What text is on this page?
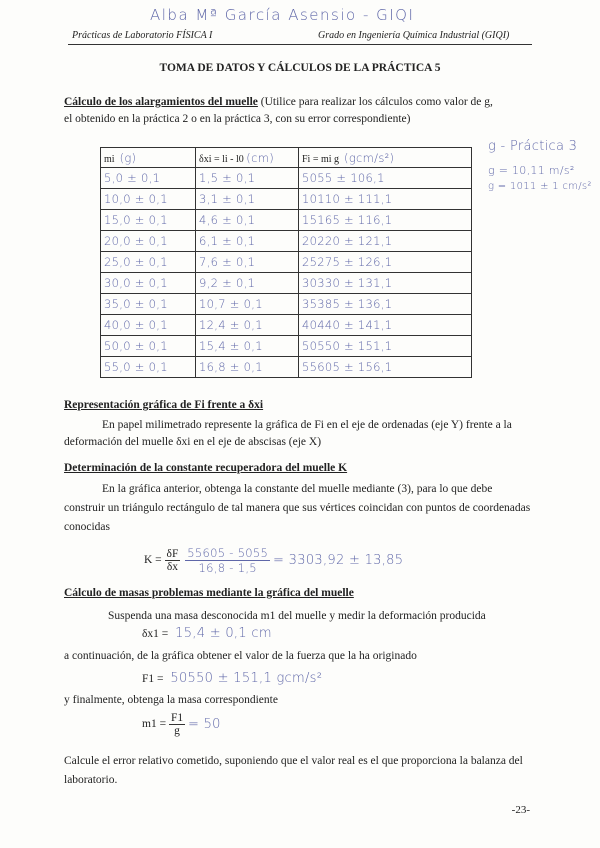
Alba Mª García Asensio - GIQI
Prácticas de Laboratorio FÍSICA I	Grado en Ingeniería Química Industrial (GIQI)
TOMA DE DATOS Y CÁLCULOS DE LA PRÁCTICA 5
Cálculo de los alargamientos del muelle (Utilice para realizar los cálculos como valor de g,
el obtenido en la práctica 2 o en la práctica 3, con su error correspondiente)
mi (g)	δxi = li - l0 (cm)	Fi = mi g (gcm/s²)
5,0 ± 0,1	1,5 ± 0,1	5055 ± 106,1
10,0 ± 0,1	3,1 ± 0,1	10110 ± 111,1
15,0 ± 0,1	4,6 ± 0,1	15165 ± 116,1
20,0 ± 0,1	6,1 ± 0,1	20220 ± 121,1
25,0 ± 0,1	7,6 ± 0,1	25275 ± 126,1
30,0 ± 0,1	9,2 ± 0,1	30330 ± 131,1
35,0 ± 0,1	10,7 ± 0,1	35385 ± 136,1
40,0 ± 0,1	12,4 ± 0,1	40440 ± 141,1
50,0 ± 0,1	15,4 ± 0,1	50550 ± 151,1
55,0 ± 0,1	16,8 ± 0,1	55605 ± 156,1
g - Práctica 3
g = 10,11 m/s²
g = 1011 ± 1 cm/s²
Representación gráfica de Fi frente a δxi
En papel milimetrado represente la gráfica de Fi en el eje de ordenadas (eje Y) frente a la deformación del muelle δxi en el eje de abscisas (eje X)
Determinación de la constante recuperadora del muelle K
En la gráfica anterior, obtenga la constante del muelle mediante (3), para lo que debe construir un triángulo rectángulo de tal manera que sus vértices coincidan con puntos de coordenadas conocidas
$K = \frac{\delta F}{\delta x}$
$\frac{55605 - 5055}{16,8 - 1,5} = 3303,92 \pm 13,85$
Cálculo de masas problemas mediante la gráfica del muelle
Suspenda una masa desconocida m1 del muelle y medir la deformación producida
δx1 = 15,4 ± 0,1 cm
a continuación, de la gráfica obtener el valor de la fuerza que la ha originado
F1 = 50550 ± 151,1 gcm/s²
y finalmente, obtenga la masa correspondiente
$m1 = \frac{F1}{g} = 50$
Calcule el error relativo cometido, suponiendo que el valor real es el que proporciona la balanza del laboratorio.
-23-
